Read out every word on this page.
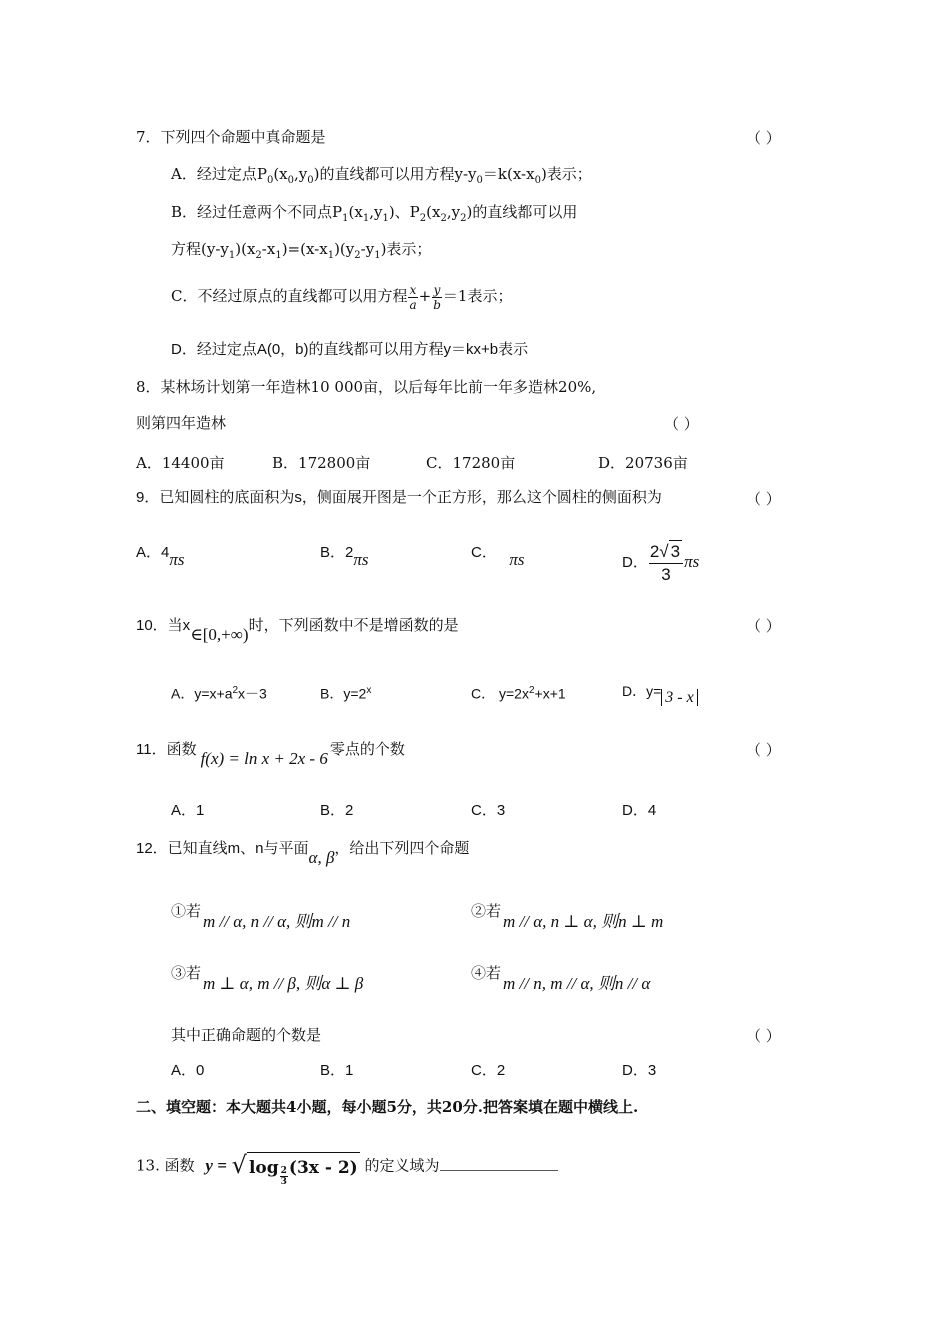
7．下列四个命题中真命题是	（ ）
A．经过定点$P_0(x_0,y_0)$的直线都可以用方程$y-y_0=k(x-x_0)$表示；
B．经过任意两个不同点$P_1(x_1,y_1)$、$P_2(x_2,y_2)$的直线都可以用
方程$(y-y_1)(x_2-x_1)=(x-x_1)(y_2-y_1)$表示；
C．不经过原点的直线都可以用方程 $\frac{x}{a} + \frac{y}{b} =1$表示；
D．经过定点A(0，b)的直线都可以用方程y＝kx+b表示
8．某林场计划第一年造林10 000亩，以后每年比前一年多造林20%,
则第四年造林	（ ）
A．14400亩	B．172800亩	C．17280亩	D．20736亩
9．已知圆柱的底面积为s，侧面展开图是一个正方形，那么这个圆柱的侧面积为	（ ）
A．4πs	B．2πs	C． πs	D． $\frac{2√ 3}{3}$ πs
10．当x∈[0,+∞)时，下列函数中不是增函数的是	（ ）
A．$y=x+a^2x-3$	B．$y=2^x$	C． $y=2x^2+x+1$	D．y= 3 - x
11．函数 f(x) = ln x + 2x - 6 零点的个数	（ ）
A．1	B．2	C．3	D．4
12．已知直线m、n与平面α, β，给出下列四个命题
①若m // α, n // α, 则m // n
②若m // α, n ⊥ α, 则n ⊥ m
③若m ⊥ α, m // β, 则α ⊥ β
④若m // n, m // α, 则n // α
其中正确命题的个数是	（ ）
A．0	B．1	C．2	D．3
二、填空题：本大题共4小题，每小题5分，共20分.把答案填在题中横线上.
13. 函数 y = √ $\log \frac{2}{3} (3x - 2)$ 的定义域为
